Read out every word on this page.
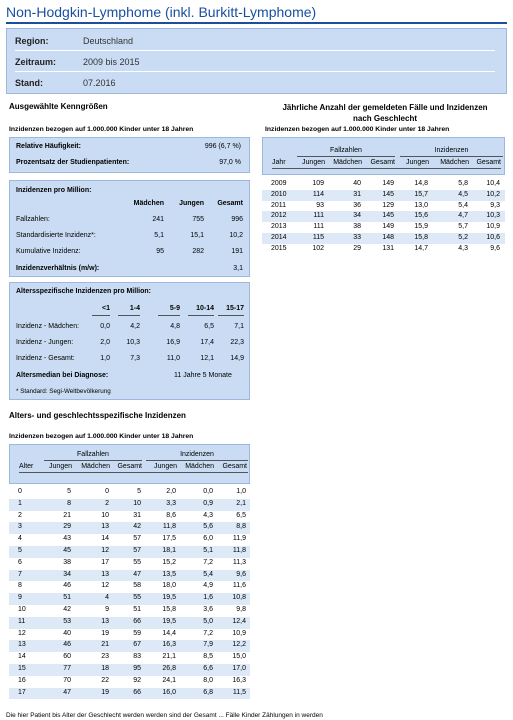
Non-Hodgkin-Lymphome (inkl. Burkitt-Lymphome)
Region:	Deutschland
Zeitraum:	2009 bis 2015
Stand:	07.2016
Ausgewählte Kenngrößen
Inzidenzen bezogen auf 1.000.000 Kinder unter 18 Jahren
Relative Häufigkeit:	996 (6,7 %)
Prozentsatz der Studienpatienten:	97,0 %
Inzidenzen pro Million:
Mädchen	Jungen	Gesamt
Fallzahlen:	241	755	996
Standardisierte Inzidenz*:	5,1	15,1	10,2
Kumulative Inzidenz:	95	282	191
Inzidenzverhältnis (m/w):	3,1
Altersspezifische Inzidenzen pro Million:
<1	1-4	5-9	10-14	15-17
Inzidenz - Mädchen:	0,0	4,2	4,8	6,5	7,1
Inzidenz - Jungen:	2,0	10,3	16,9	17,4	22,3
Inzidenz - Gesamt:	1,0	7,3	11,0	12,1	14,9
Altersmedian bei Diagnose:	11 Jahre 5 Monate
* Standard: Segi-Weltbevölkerung
Jährliche Anzahl der gemeldeten Fälle und Inzidenzen
nach Geschlecht
Inzidenzen bezogen auf 1.000.000 Kinder unter 18 Jahren
Fallzahlen	Inzidenzen
Jahr	Jungen	Mädchen	Gesamt	Jungen	Mädchen	Gesamt
2009	109	40	149	14,8	5,8	10,4
2010	114	31	145	15,7	4,5	10,2
2011	93	36	129	13,0	5,4	9,3
2012	111	34	145	15,6	4,7	10,3
2013	111	38	149	15,9	5,7	10,9
2014	115	33	148	15,8	5,2	10,6
2015	102	29	131	14,7	4,3	9,6
Alters- und geschlechtsspezifische Inzidenzen
Inzidenzen bezogen auf 1.000.000 Kinder unter 18 Jahren
Fallzahlen	Inzidenzen
Alter	Jungen	Mädchen	Gesamt	Jungen	Mädchen	Gesamt
0	5	0	5	2,0	0,0	1,0
1	8	2	10	3,3	0,9	2,1
2	21	10	31	8,6	4,3	6,5
3	29	13	42	11,8	5,6	8,8
4	43	14	57	17,5	6,0	11,9
5	45	12	57	18,1	5,1	11,8
6	38	17	55	15,2	7,2	11,3
7	34	13	47	13,5	5,4	9,6
8	46	12	58	18,0	4,9	11,6
9	51	4	55	19,5	1,6	10,8
10	42	9	51	15,8	3,6	9,8
11	53	13	66	19,5	5,0	12,4
12	40	19	59	14,4	7,2	10,9
13	46	21	67	16,3	7,9	12,2
14	60	23	83	21,1	8,5	15,0
15	77	18	95	26,8	6,6	17,0
16	70	22	92	24,1	8,0	16,3
17	47	19	66	16,0	6,8	11,5
Die hier Patient bis Alter der Geschlecht werden werden sind der Gesamt ... Fälle Kinder Zählungen in werden
